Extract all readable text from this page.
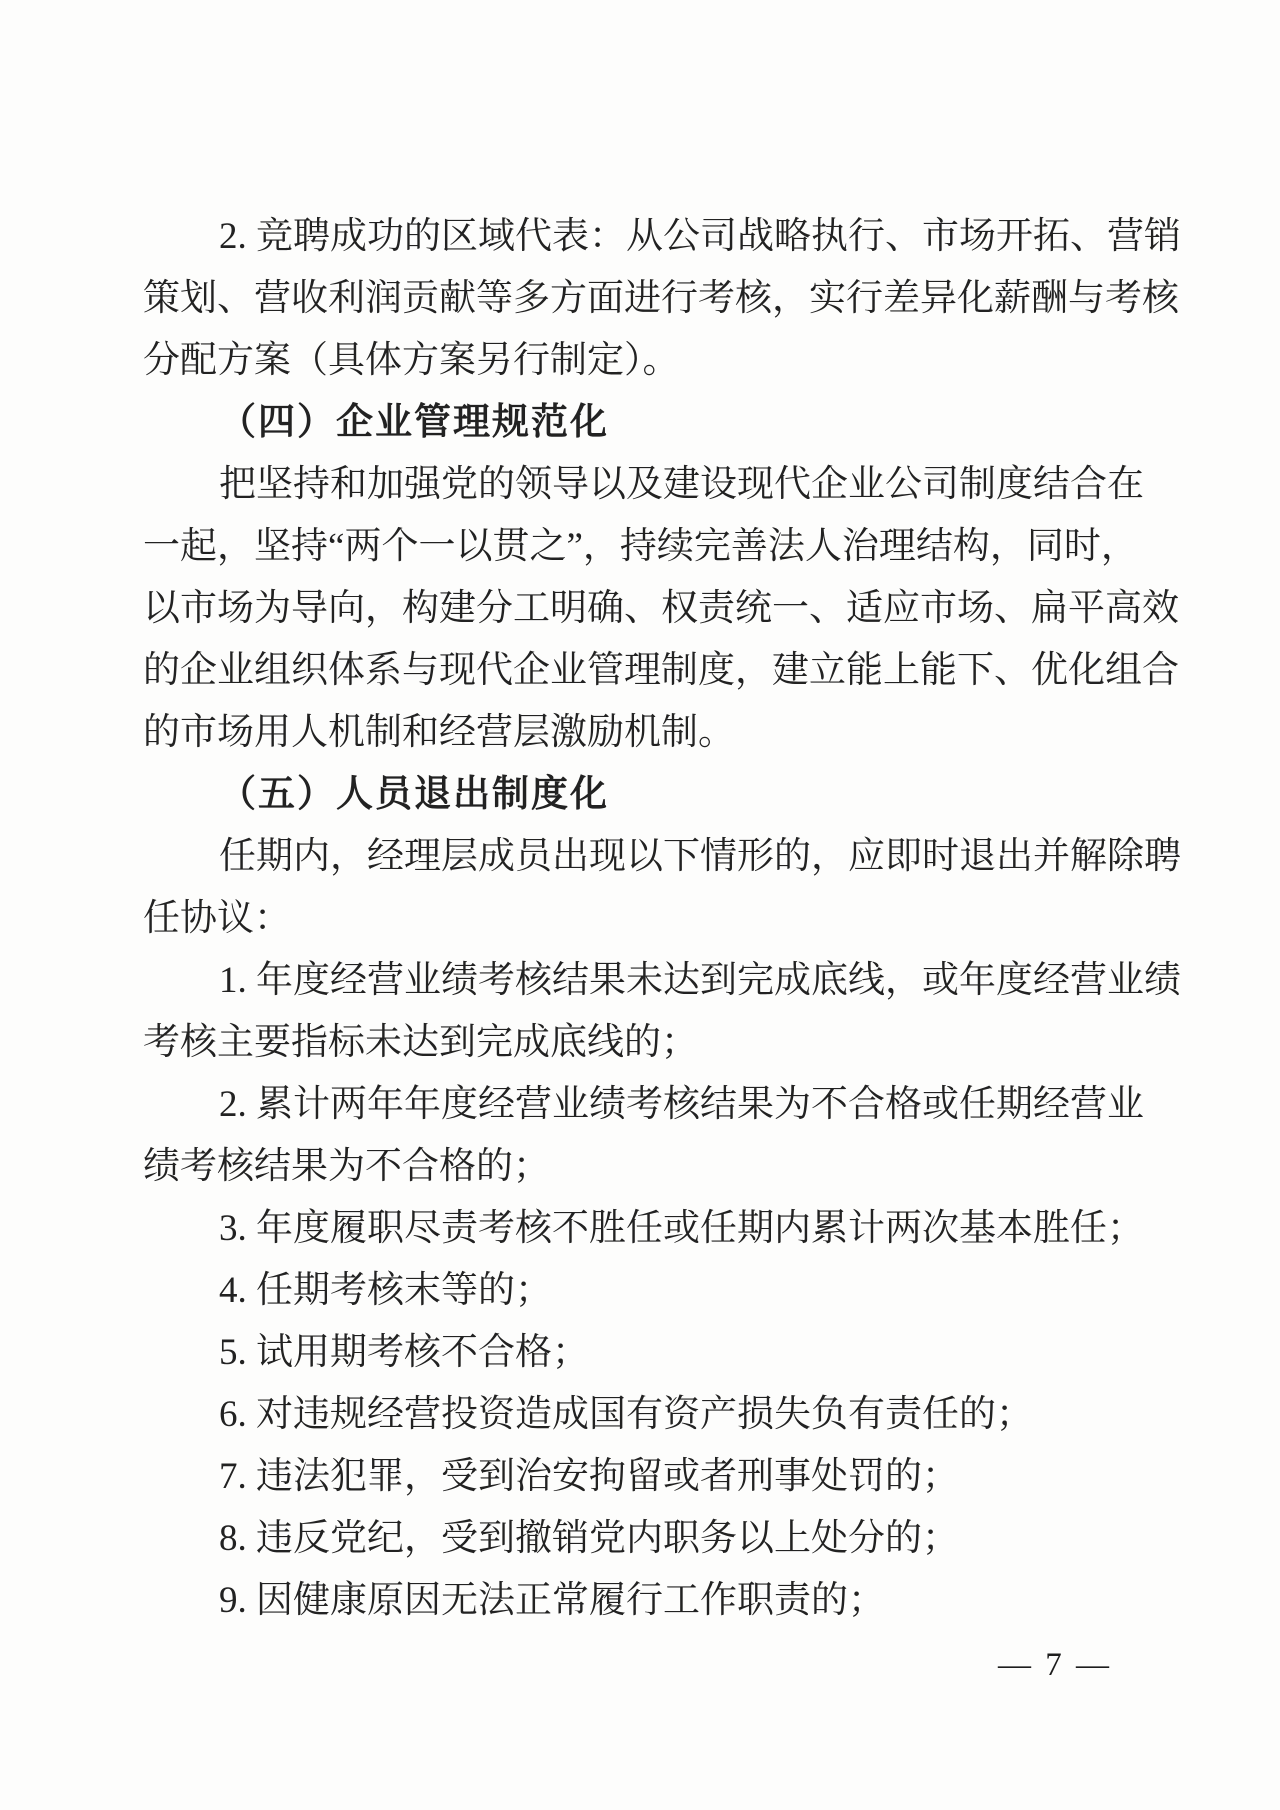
2 .
竞 聘 成 功 的 区 域 代 表 ： 从 公 司 战 略 执 行 、 市 场 开 拓 、 营 销
策 划 、 营 收 利 润 贡 献 等 多 方 面 进 行 考 核 ， 实 行 差 异 化 薪 酬 与 考 核
分配方案（具体方案另行制定）。
（四）企业管理规范化
把 坚 持 和 加 强 党 的 领 导 以 及 建 设 现 代 企 业 公 司 制 度 结 合 在
一 起 ， 坚 持 “ 两 个 一 以 贯 之 ” ， 持 续 完 善 法 人 治 理 结 构 ， 同 时 ，
以 市 场 为 导 向 ， 构 建 分 工 明 确 、 权 责 统 一 、 适 应 市 场 、 扁 平 高 效
的 企 业 组 织 体 系 与 现 代 企 业 管 理 制 度 ， 建 立 能 上 能 下 、 优 化 组 合
的市场用人机制和经营层激励机制。
（五）人员退出制度化
任 期 内 ， 经 理 层 成 员 出 现 以 下 情 形 的 ， 应 即 时 退 出 并 解 除 聘
任协议：
1 .
年 度 经 营 业 绩 考 核 结 果 未 达 到 完 成 底 线 ， 或 年 度 经 营 业 绩
考核主要指标未达到完成底线的；
2 .
累 计 两 年 年 度 经 营 业 绩 考 核 结 果 为 不 合 格 或 任 期 经 营 业
绩考核结果为不合格的；
3. 年度履职尽责考核不胜任或任期内累计两次基本胜任；
4. 任期考核末等的；
5. 试用期考核不合格；
6. 对违规经营投资造成国有资产损失负有责任的；
7. 违法犯罪，受到治安拘留或者刑事处罚的；
8. 违反党纪，受到撤销党内职务以上处分的；
9. 因健康原因无法正常履行工作职责的；
— 7 —
